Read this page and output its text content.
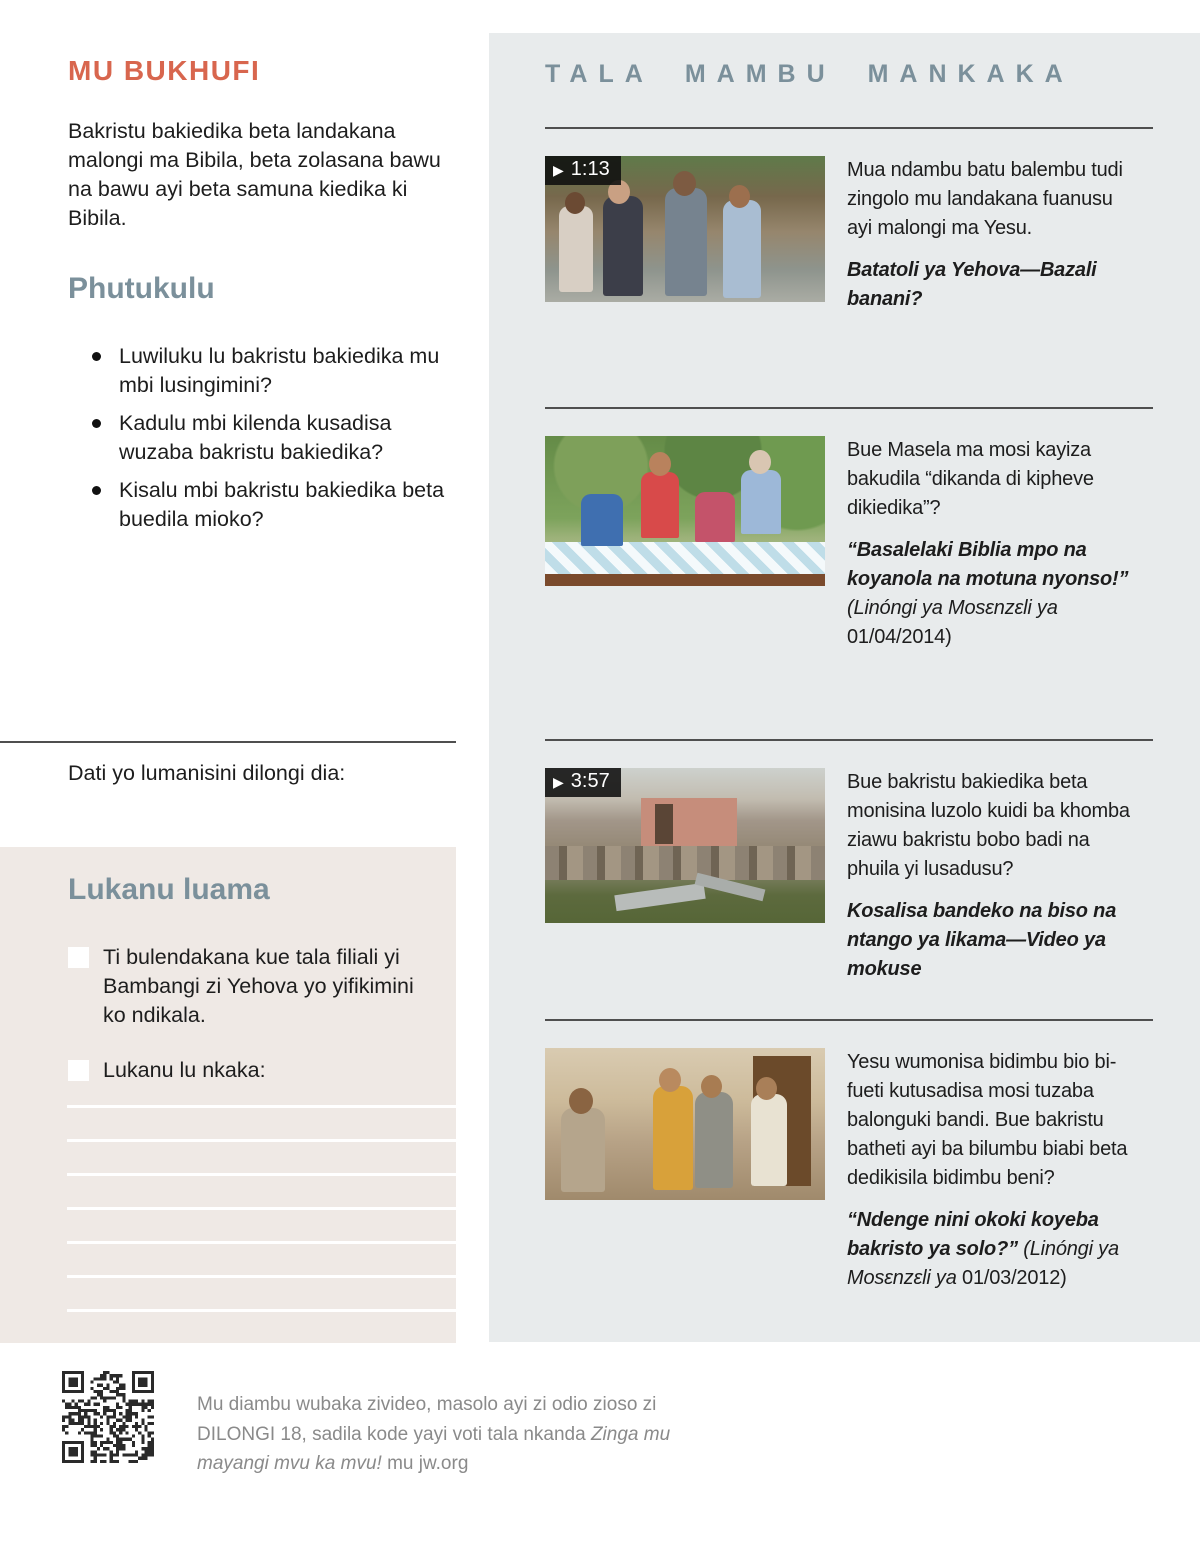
MU BUKHUFI

Bakristu bakiedika beta landakana malongi ma Bibila, beta zolasana bawu na bawu ayi beta samuna kiedika ki Bibila.

Phutukulu
Luwiluku lu bakristu bakiedika mu mbi lusingimini?
Kadulu mbi kilenda kusadisa wuzaba bakristu bakiedika?
Kisalu mbi bakristu bakiedika beta buedila mioko?

Dati yo lumanisini dilongi dia:

Lukanu luama
Ti bulendakana kue tala filiali yi Bambangi zi Yehova yo yifikimini ko ndikala.
Lukanu lu nkaka:

Mu diambu wubaka zivideo, masolo ayi zi odio zioso zi DILONGI 18, sadila kode yayi voti tala nkanda Zinga mu mayangi mvu ka mvu! mu jw.org

TALA MAMBU MANKAKA
▶ 1:13	Mua ndambu batu balembu tudi zingolo mu landakana fuanusu ayi malongi ma Yesu.

Batatoli ya Yehova—Bazali banani?

Bue Masela ma mosi kayiza bakudila “dikanda di kipheve dikiedika”?

“Basalelaki Biblia mpo na koyanola na motuna nyonso!” (Linóngi ya Mosɛnzɛli ya 01/04/2014)

▶ 3:57	Bue bakristu bakiedika beta monisina luzolo kuidi ba khomba ziawu bakristu bobo badi na phuila yi lusadusu?

Kosalisa bandeko na biso na ntango ya likama—Video ya mokuse

Yesu wumonisa bidimbu bio bifueti kutusadisa mosi tuzaba balonguki bandi. Bue bakristu batheti ayi ba bilumbu biabi beta dedikisila bidimbu beni?

“Ndenge nini okoki koyeba bakristo ya solo?” (Linóngi ya Mosɛnzɛli ya 01/03/2012)
